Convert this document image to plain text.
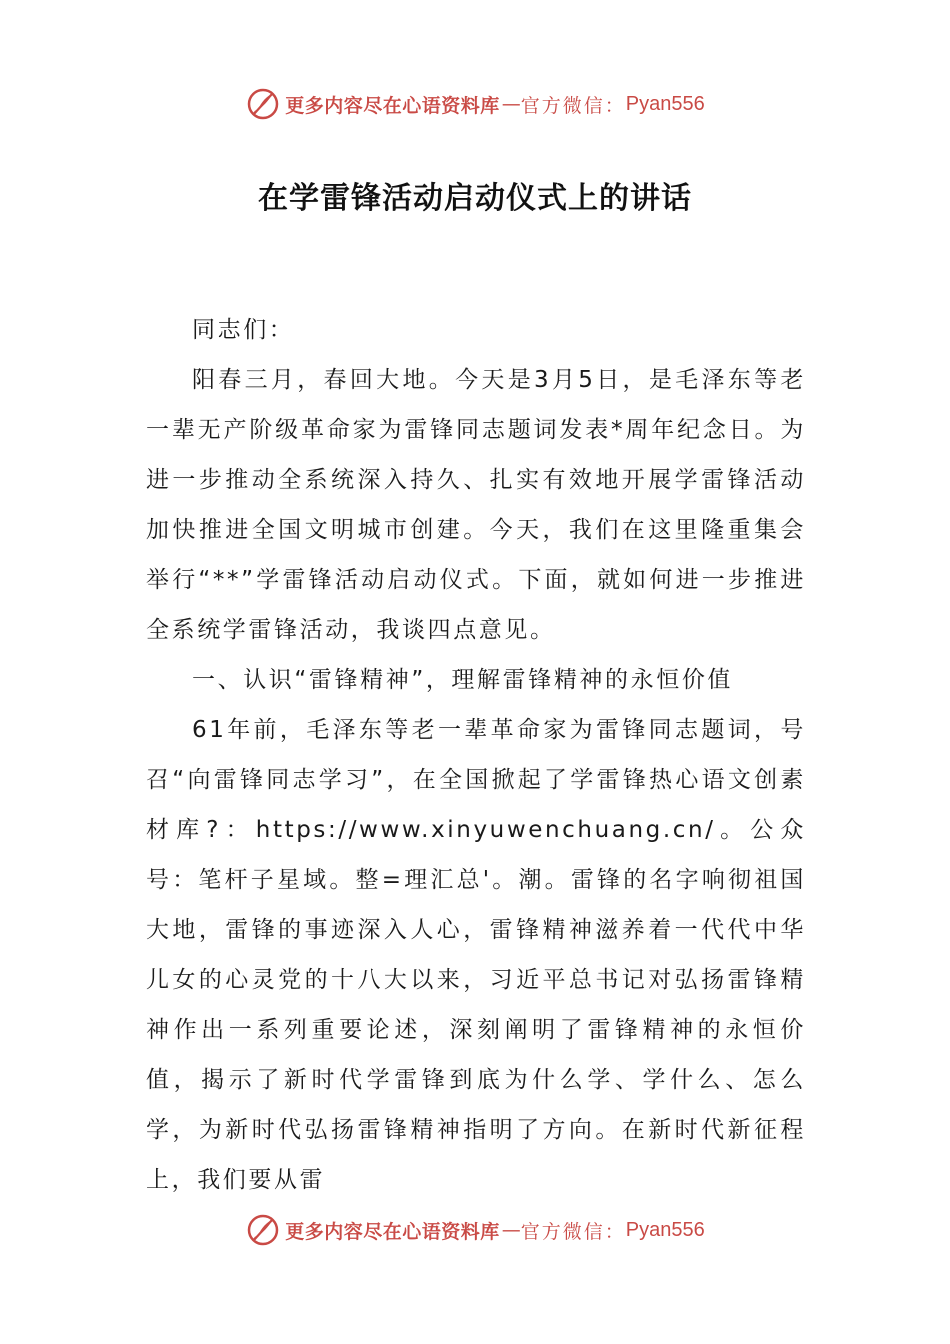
更多内容尽在心语资料库 — 官方微信： Pyan556
在学雷锋活动启动仪式上的讲话

同志们：

阳春三月，春回大地。今天是3月5日，是毛泽东等老一辈无产阶级革命家为雷锋同志题词发表*周年纪念日。为进一步推动全系统深入持久、扎实有效地开展学雷锋活动加快推进全国文明城市创建。今天，我们在这里隆重集会举行“**”学雷锋活动启动仪式。下面，就如何进一步推进全系统学雷锋活动，我谈四点意见。

一、认识“雷锋精神”，理解雷锋精神的永恒价值

61年前，毛泽东等老一辈革命家为雷锋同志题词，号召“向雷锋同志学习”，在全国掀起了学雷锋热心语文创素材库?：https://www.xinyuwenchuang.cn/。公众号：笔杆子星域。整=理汇总'。潮。雷锋的名字响彻祖国大地，雷锋的事迹深入人心，雷锋精神滋养着一代代中华儿女的心灵党的十八大以来，习近平总书记对弘扬雷锋精神作出一系列重要论述，深刻阐明了雷锋精神的永恒价值，揭示了新时代学雷锋到底为什么学、学什么、怎么学，为新时代弘扬雷锋精神指明了方向。在新时代新征程上，我们要从雷

更多内容尽在心语资料库 — 官方微信： Pyan556
